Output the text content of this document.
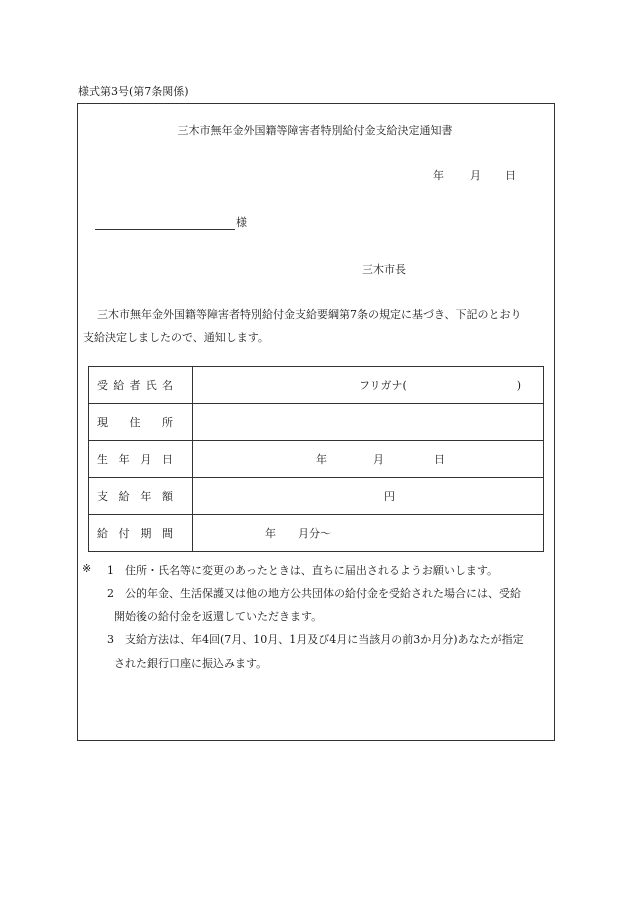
様式第3号(第7条関係)
三木市無年金外国籍等障害者特別給付金支給決定通知書
年 月 日
様
三木市長
三木市無年金外国籍等障害者特別給付金支給要綱第7条の規定に基づき、下記のとおり
支給決定しましたので、通知します。
受 給 者 氏 名	フリガナ(　　　　　　　　　　)

現 住 所	

生 年 月 日	年 月 日

支 給 年 額	円

給 付 期 間	年　　月分〜
※ 1　住所・氏名等に変更のあったときは、直ちに届出されるようお願いします。
2　公的年金、生活保護又は他の地方公共団体の給付金を受給された場合には、受給
開始後の給付金を返還していただきます。
3　支給方法は、年4回(7月、10月、1月及び4月に当該月の前3か月分)あなたが指定
された銀行口座に振込みます。
